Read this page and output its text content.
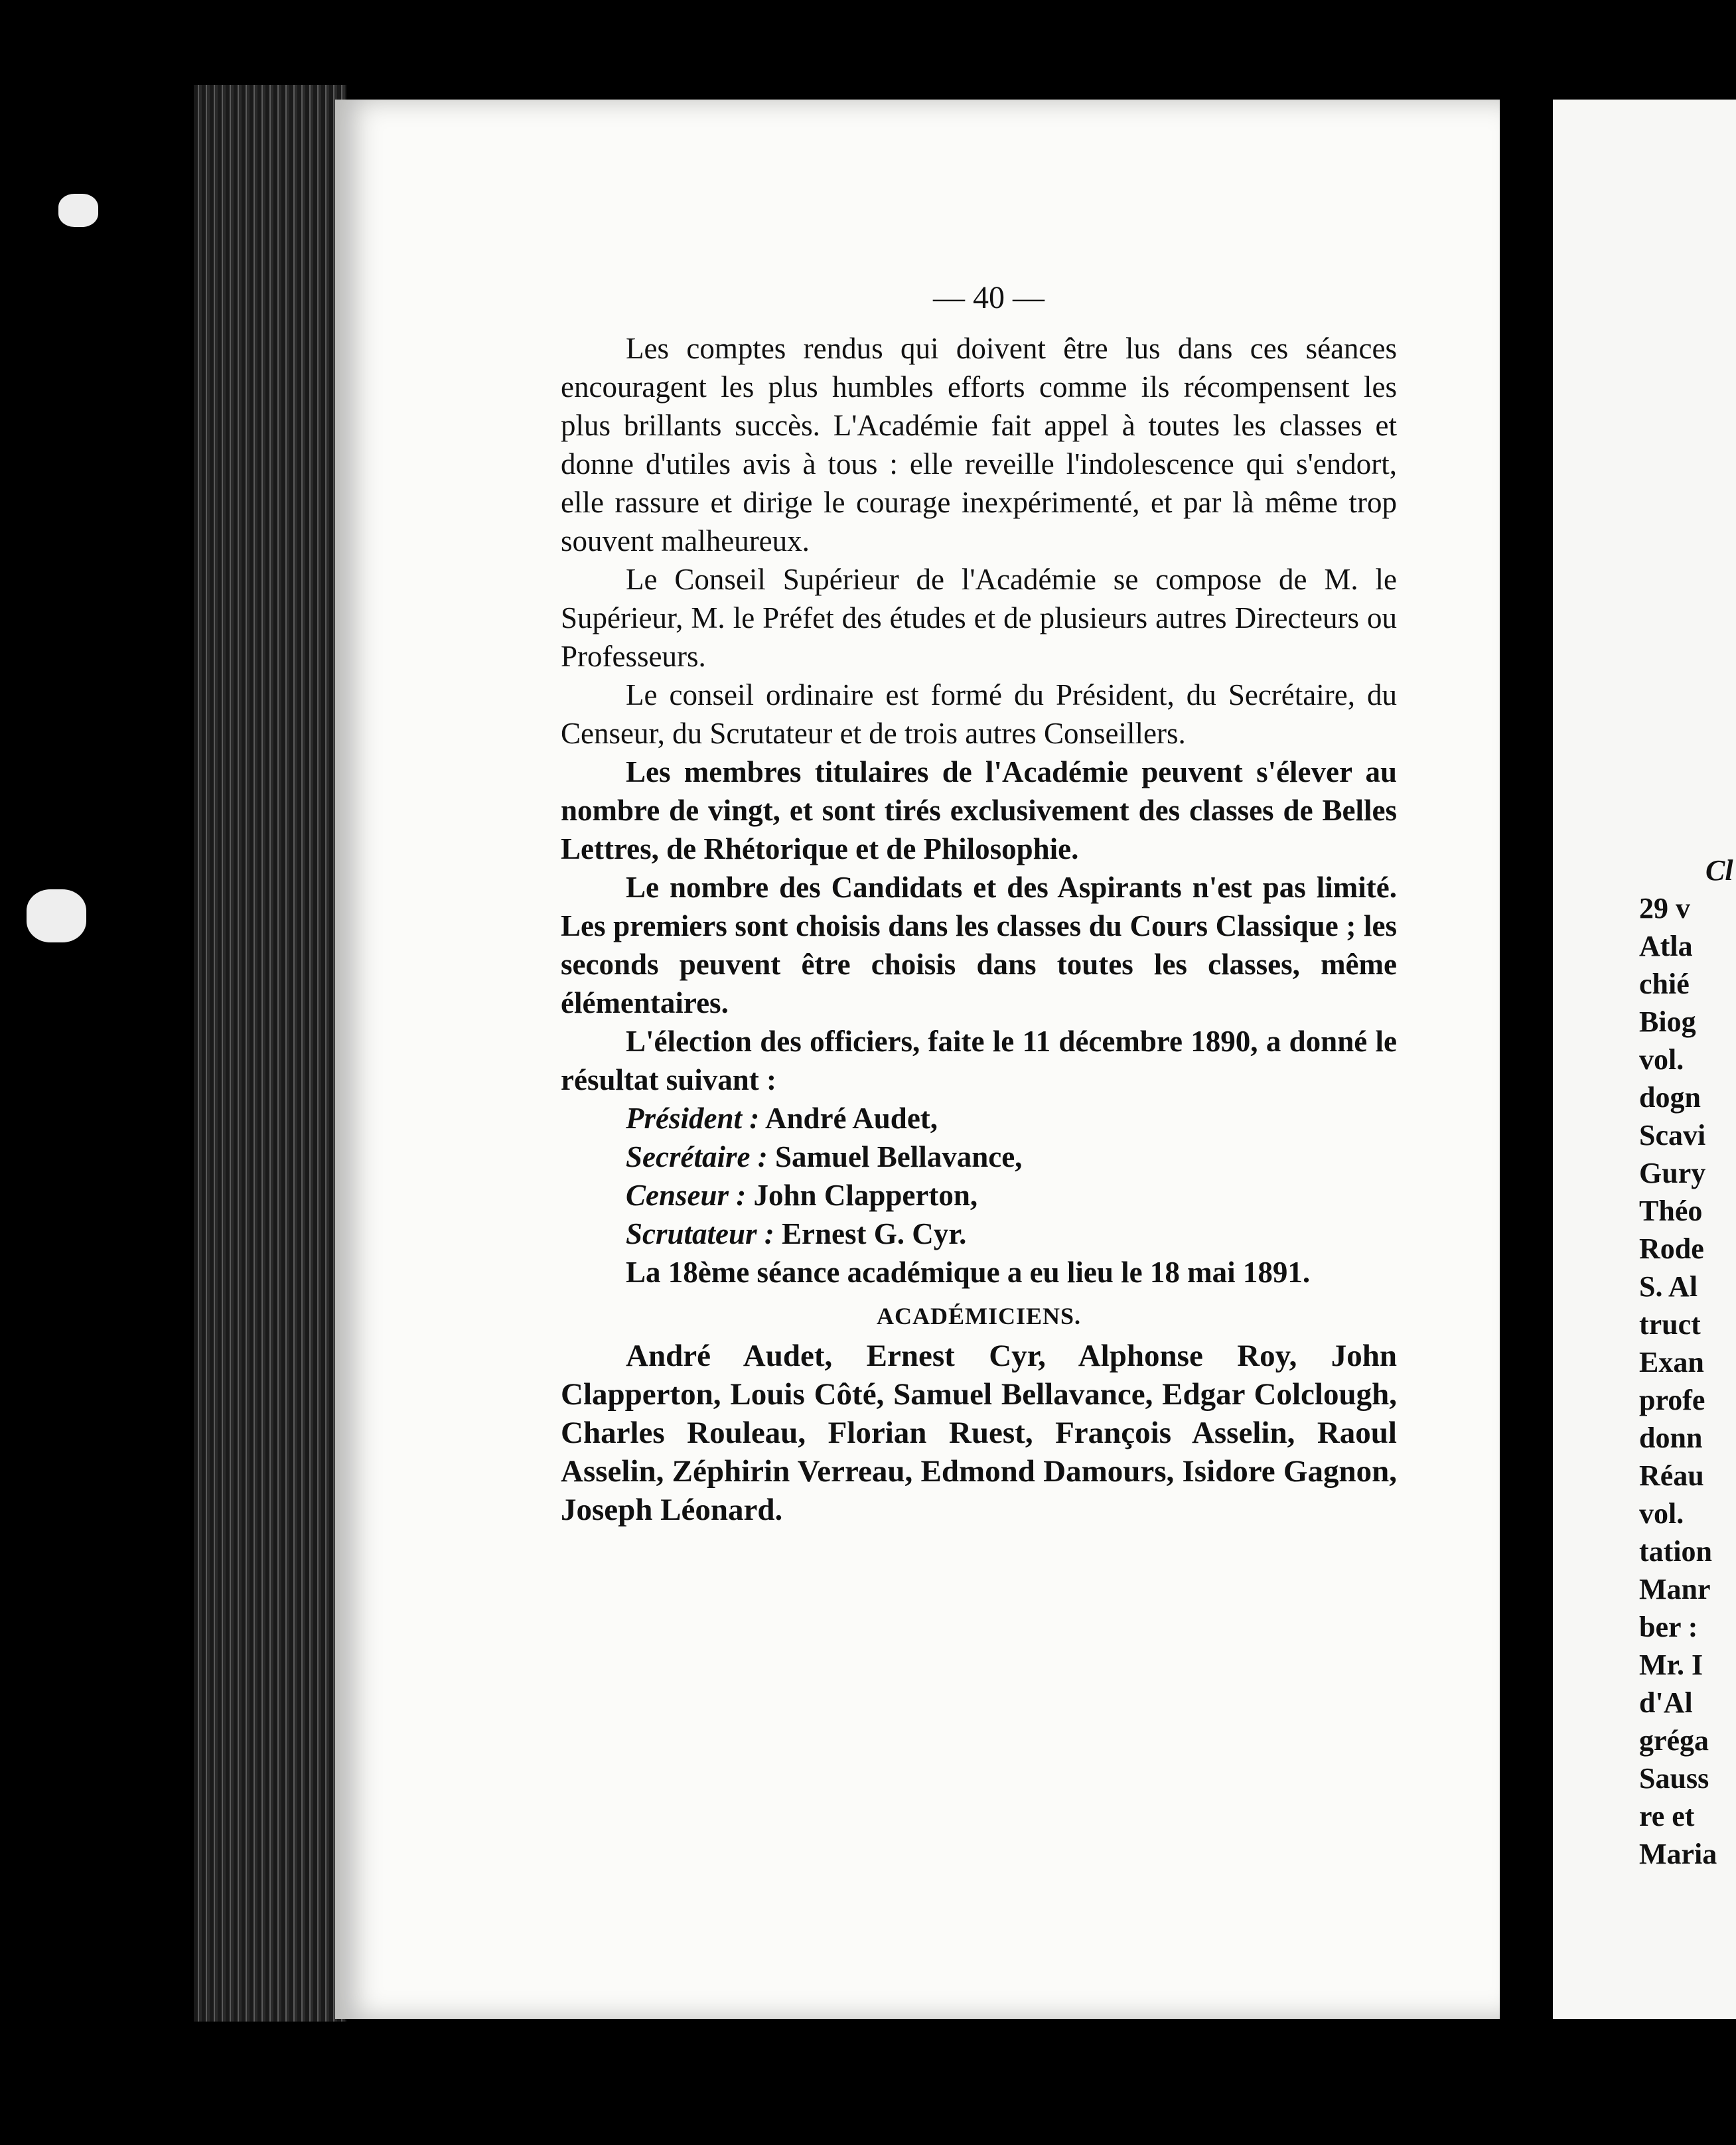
Cl
29 v
Atla
chié
Biog
vol.
dogn
Scavi
Gury
Théo
Rode
S. Al
truct
Exan
profe
donn
Réau
vol.
tation
Manr
ber :
Mr. I
d'Al
gréga
Sauss
re et
Maria
— 40 —

Les comptes rendus qui doivent être lus dans ces séances encouragent les plus humbles efforts comme ils récompensent les plus brillants succès. L'Académie fait appel à toutes les classes et donne d'utiles avis à tous : elle reveille l'indolescence qui s'endort, elle rassure et dirige le courage inexpérimenté, et par là même trop souvent malheureux.

Le Conseil Supérieur de l'Académie se compose de M. le Supérieur, M. le Préfet des études et de plusieurs autres Directeurs ou Professeurs.

Le conseil ordinaire est formé du Président, du Secrétaire, du Censeur, du Scrutateur et de trois autres Conseillers.

Les membres titulaires de l'Académie peuvent s'élever au nombre de vingt, et sont tirés exclusivement des classes de Belles Lettres, de Rhétorique et de Philosophie.

Le nombre des Candidats et des Aspirants n'est pas limité. Les premiers sont choisis dans les classes du Cours Classique ; les seconds peuvent être choisis dans toutes les classes, même élémentaires.

L'élection des officiers, faite le 11 décembre 1890, a donné le résultat suivant :

Président : André Audet,

Secrétaire : Samuel Bellavance,

Censeur : John Clapperton,

Scrutateur : Ernest G. Cyr.

La 18ème séance académique a eu lieu le 18 mai 1891.

ACADÉMICIENS.

André Audet, Ernest Cyr, Alphonse Roy, John Clapperton, Louis Côté, Samuel Bellavance, Edgar Colclough, Charles Rouleau, Florian Ruest, François Asselin, Raoul Asselin, Zéphirin Verreau, Edmond Damours, Isidore Gagnon, Joseph Léonard.
